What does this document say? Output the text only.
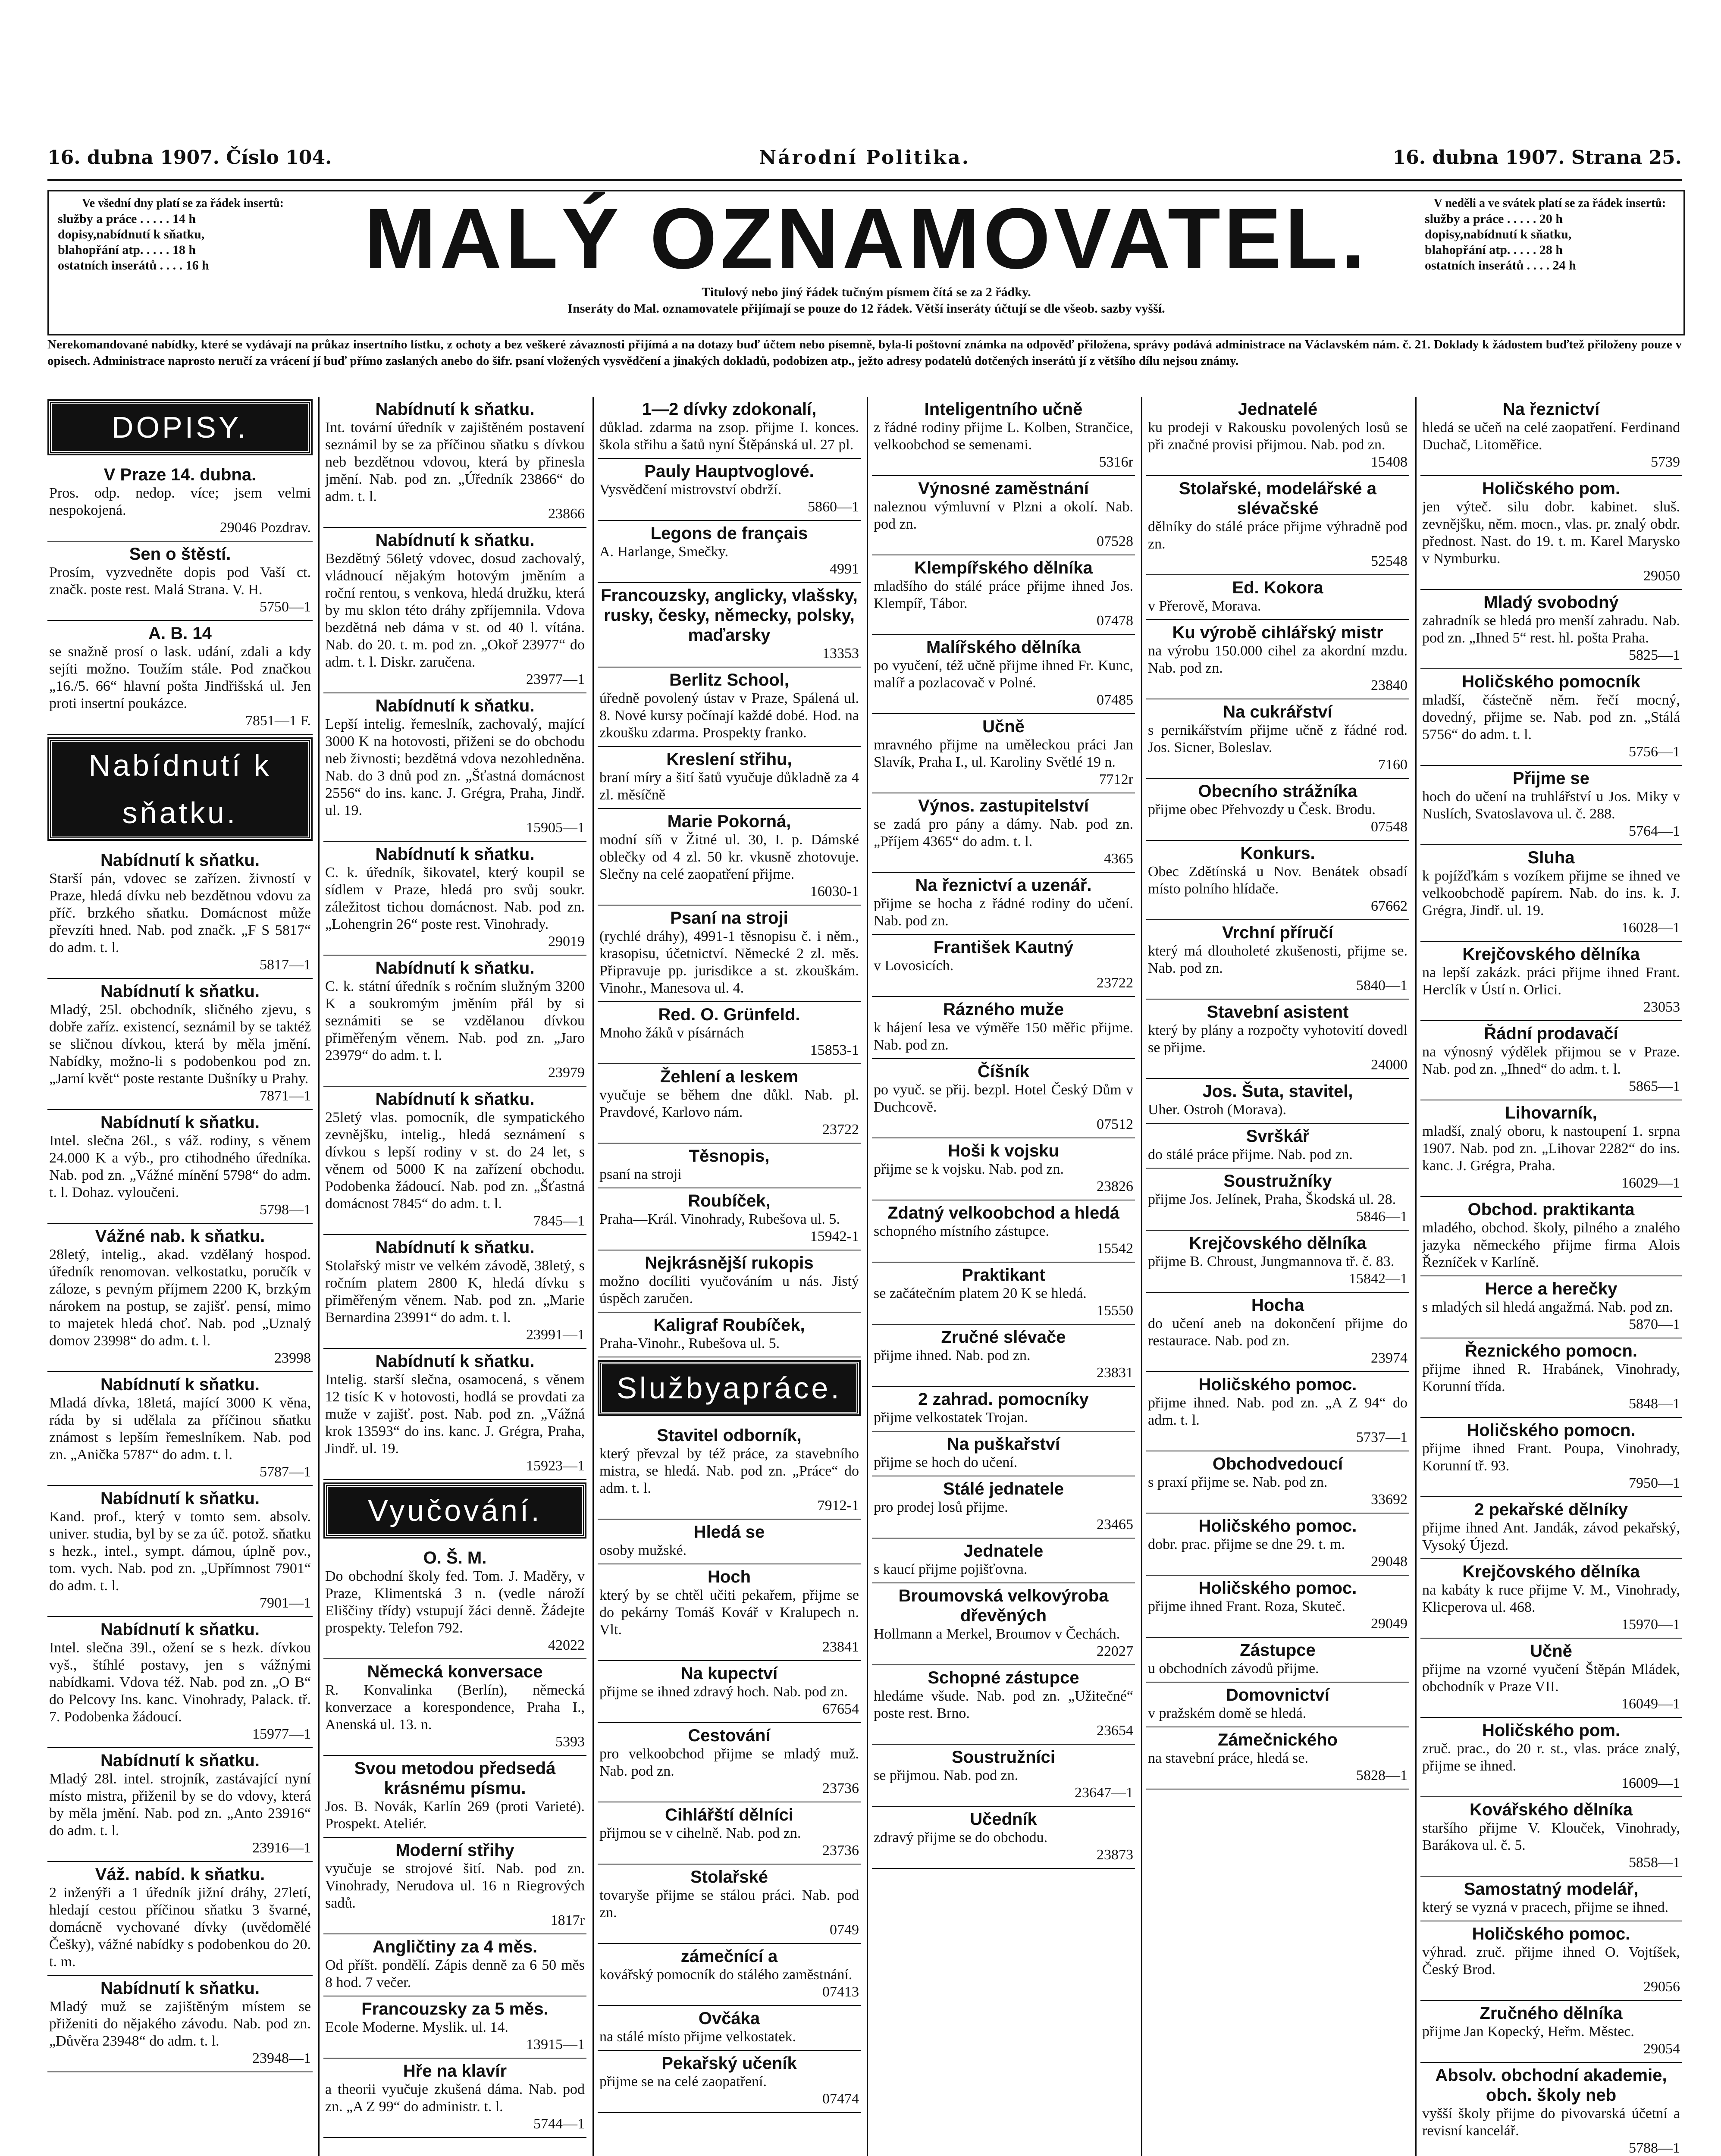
16. dubna 1907. Číslo 104.	Národní Politika.	16. dubna 1907. Strana 25.
Ve všední dny platí se za řádek insertů:
služby a práce . . . . . 14 h
dopisy,nabídnutí k sňatku,
blahopřání atp. . . . . 18 h
ostatních inserátů . . . . 16 h	MALÝ OZNAMOVATEL.
Titulový nebo jiný řádek tučným písmem čítá se za 2 řádky.
Inseráty do Mal. oznamovatele přijímají se pouze do 12 řádek. Větší inseráty účtují se dle všeob. sazby vyšší.
V neděli a ve svátek platí se za řádek insertů:
služby a práce . . . . . 20 h
dopisy,nabídnutí k sňatku,
blahopřání atp. . . . . 28 h
ostatních inserátů . . . . 24 h
Nerekomandované nabídky, které se vydávají na průkaz insertního lístku, z ochoty a bez veškeré závaznosti přijímá a na dotazy buď účtem nebo písemně, byla-li poštovní známka na odpověď přiložena, správy podává administrace na Václavském nám. č. 21. Doklady k žádostem buďtež přiloženy pouze v opisech. Administrace naprosto neručí za vrácení jí buď přímo zaslaných anebo do šifr. psaní vložených vysvědčení a jinakých dokladů, podobizen atp., ježto adresy podatelů dotčených inserátů jí z většího dílu nejsou známy.
DOPISY.
V Praze 14. dubna.
Pros. odp. nedop. více; jsem velmi nespokojená.
29046 Pozdrav.
Sen o štěstí.
Prosím, vyzvedněte dopis pod Vaší ct. značk. poste rest. Malá Strana. V. H.
5750—1
A. B. 14
se snažně prosí o lask. udání, zdali a kdy sejíti možno. Toužím stále. Pod značkou „16./5. 66“ hlavní pošta Jindřišská ul. Jen proti insertní poukázce.
7851—1 F.
Nabídnutí k sňatku.
Nabídnutí k sňatku.
Starší pán, vdovec se zařízen. živností v Praze, hledá dívku neb bezdětnou vdovu za příč. brzkého sňatku. Domácnost může převzíti hned. Nab. pod značk. „F S 5817“ do adm. t. l.
5817—1
Nabídnutí k sňatku.
Mladý, 25l. obchodník, sličného zjevu, s dobře zaříz. existencí, seznámil by se taktéž se sličnou dívkou, která by měla jmění. Nabídky, možno-li s podobenkou pod zn. „Jarní květ“ poste restante Dušníky u Prahy.
7871—1
Nabídnutí k sňatku.
Intel. slečna 26l., s váž. rodiny, s věnem 24.000 K a výb., pro ctihodného úředníka. Nab. pod zn. „Vážné mínění 5798“ do adm. t. l. Dohaz. vyloučeni.
5798—1
Vážné nab. k sňatku.
28letý, intelig., akad. vzdělaný hospod. úředník renomovan. velkostatku, poručík v záloze, s pevným příjmem 2200 K, brzkým nárokem na postup, se zajišť. pensí, mimo to majetek hledá choť. Nab. pod „Uznalý domov 23998“ do adm. t. l.
23998
Nabídnutí k sňatku.
Mladá dívka, 18letá, mající 3000 K věna, ráda by si udělala za příčinou sňatku známost s lepším řemeslníkem. Nab. pod zn. „Anička 5787“ do adm. t. l.
5787—1
Nabídnutí k sňatku.
Kand. prof., který v tomto sem. absolv. univer. studia, byl by se za úč. potož. sňatku s hezk., intel., sympt. dámou, úplně pov., tom. vych. Nab. pod zn. „Upřímnost 7901“ do adm. t. l.
7901—1
Nabídnutí k sňatku.
Intel. slečna 39l., ožení se s hezk. dívkou vyš., štíhlé postavy, jen s vážnými nabídkami. Vdova též. Nab. pod zn. „O B“ do Pelcovy Ins. kanc. Vinohrady, Palack. tř. 7. Podobenka žádoucí.
15977—1
Nabídnutí k sňatku.
Mladý 28l. intel. strojník, zastávající nyní místo mistra, přiženil by se do vdovy, která by měla jmění. Nab. pod zn. „Anto 23916“ do adm. t. l.
23916—1
Váž. nabíd. k sňatku.
2 inženýři a 1 úředník jižní dráhy, 27letí, hledají cestou příčinou sňatku 3 švarné, domácně vychované dívky (uvědomělé Češky), vážné nabídky s podobenkou do 20. t. m.
Nabídnutí k sňatku.
Mladý muž se zajištěným místem se přiženiti do nějakého závodu. Nab. pod zn. „Důvěra 23948“ do adm. t. l.
23948—1
Nabídnutí k sňatku.
Int. tovární úředník v zajištěném postavení seznámil by se za příčinou sňatku s dívkou neb bezdětnou vdovou, která by přinesla jmění. Nab. pod zn. „Úředník 23866“ do adm. t. l.
23866
Nabídnutí k sňatku.
Bezdětný 56letý vdovec, dosud zachovalý, vládnoucí nějakým hotovým jměním a roční rentou, s venkova, hledá družku, která by mu sklon této dráhy zpříjemnila. Vdova bezdětná neb dáma v st. od 40 l. vítána. Nab. do 20. t. m. pod zn. „Okoř 23977“ do adm. t. l. Diskr. zaručena.
23977—1
Nabídnutí k sňatku.
Lepší intelig. řemeslník, zachovalý, mající 3000 K na hotovosti, přiženi se do obchodu neb živnosti; bezdětná vdova nezohledněna. Nab. do 3 dnů pod zn. „Šťastná domácnost 2556“ do ins. kanc. J. Grégra, Praha, Jindř. ul. 19.
15905—1
Nabídnutí k sňatku.
C. k. úředník, šikovatel, který koupil se sídlem v Praze, hledá pro svůj soukr. záležitost tichou domácnost. Nab. pod zn. „Lohengrin 26“ poste rest. Vinohrady.
29019
Nabídnutí k sňatku.
C. k. státní úředník s ročním služným 3200 K a soukromým jměním přál by si seznámiti se se vzdělanou dívkou přiměřeným věnem. Nab. pod zn. „Jaro 23979“ do adm. t. l.
23979
Nabídnutí k sňatku.
25letý vlas. pomocník, dle sympatického zevnějšku, intelig., hledá seznámení s dívkou s lepší rodiny v st. do 24 let, s věnem od 5000 K na zařízení obchodu. Podobenka žádoucí. Nab. pod zn. „Šťastná domácnost 7845“ do adm. t. l.
7845—1
Nabídnutí k sňatku.
Stolařský mistr ve velkém závodě, 38letý, s ročním platem 2800 K, hledá dívku s přiměřeným věnem. Nab. pod zn. „Marie Bernardina 23991“ do adm. t. l.
23991—1
Nabídnutí k sňatku.
Intelig. starší slečna, osamocená, s věnem 12 tisíc K v hotovosti, hodlá se provdati za muže v zajišť. post. Nab. pod zn. „Vážná krok 13593“ do ins. kanc. J. Grégra, Praha, Jindř. ul. 19.
15923—1
Vyučování.
O. Š. M.
Do obchodní školy fed. Tom. J. Maděry, v Praze, Klimentská 3 n. (vedle nároží Eliščiny třídy) vstupují žáci denně. Žádejte prospekty. Telefon 792.
42022
Německá konversace
R. Konvalinka (Berlín), německá konverzace a korespondence, Praha I., Anenská ul. 13. n.
5393
Svou metodou předsedá krásnému písmu.
Jos. B. Novák, Karlín 269 (proti Varieté). Prospekt. Ateliér.
Moderní střihy
vyučuje se strojové šití. Nab. pod zn. Vinohrady, Nerudova ul. 16 n Riegrových sadů.
1817r
Angličtiny za 4 měs.
Od příšt. pondělí. Zápis denně za 6 50 měs 8 hod. 7 večer.
Francouzsky za 5 měs.
Ecole Moderne. Myslik. ul. 14.
13915—1
Hře na klavír
a theorii vyučuje zkušená dáma. Nab. pod zn. „A Z 99“ do administr. t. l.
5744—1
1—2 dívky zdokonalí,
důklad. zdarma na zsop. přijme I. konces. škola střihu a šatů nyní Štěpánská ul. 27 pl.
Pauly Hauptvoglové.
Vysvědčení mistrovství obdrží.
5860—1
Legons de français
A. Harlange, Smečky.
4991
Francouzsky, anglicky, vlašsky, rusky, česky, německy, polsky, maďarsky
13353
Berlitz School,
úředně povolený ústav v Praze, Spálená ul. 8. Nové kursy počínají každé dobé. Hod. na zkoušku zdarma. Prospekty franko.
Kreslení střihu,
braní míry a šití šatů vyučuje důkladně za 4 zl. měsíčně
Marie Pokorná,
modní síň v Žitné ul. 30, I. p. Dámské oblečky od 4 zl. 50 kr. vkusně zhotovuje. Slečny na celé zaopatření přijme.
16030-1
Psaní na stroji
(rychlé dráhy), 4991-1 těsnopisu č. i něm., krasopisu, účetnictví. Německé 2 zl. měs. Připravuje pp. jurisdikce a st. zkouškám. Vinohr., Manesova ul. 4.
Red. O. Grünfeld.
Mnoho žáků v písárnách
15853-1
Žehlení a leskem
vyučuje se během dne důkl. Nab. pl. Pravdové, Karlovo nám.
23722
Těsnopis,
psaní na stroji
Roubíček,
Praha—Král. Vinohrady, Rubešova ul. 5.
15942-1
Nejkrásnější rukopis
možno docíliti vyučováním u nás. Jistý úspěch zaručen.
Kaligraf Roubíček,
Praha-Vinohr., Rubešova ul. 5.
Službyapráce.
Stavitel odborník,
který převzal by též práce, za stavebního mistra, se hledá. Nab. pod zn. „Práce“ do adm. t. l.
7912-1
Hledá se
osoby mužské.
Hoch
který by se chtěl učiti pekařem, přijme se do pekárny Tomáš Kovář v Kralupech n. Vlt.
23841
Na kupectví
přijme se ihned zdravý hoch. Nab. pod zn.
67654
Cestování
pro velkoobchod přijme se mladý muž. Nab. pod zn.
23736
Cihlářští dělníci
přijmou se v cihelně. Nab. pod zn.
23736
Stolařské
tovaryše přijme se stálou práci. Nab. pod zn.
0749
zámečnící a
kovářský pomocník do stálého zaměstnání.
07413
Ovčáka
na stálé místo přijme velkostatek.
Pekařský učeník
přijme se na celé zaopatření.
07474
Inteligentního učně
z řádné rodiny přijme L. Kolben, Strančice, velkoobchod se semenami.
5316r
Výnosné zaměstnání
naleznou výmluvní v Plzni a okolí. Nab. pod zn.
07528
Klempířského dělníka
mladšího do stálé práce přijme ihned Jos. Klempíř, Tábor.
07478
Malířského dělníka
po vyučení, též učně přijme ihned Fr. Kunc, malíř a pozlacovač v Polné.
07485
Učně
mravného přijme na uměleckou práci Jan Slavík, Praha I., ul. Karoliny Světlé 19 n.
7712r
Výnos. zastupitelství
se zadá pro pány a dámy. Nab. pod zn. „Příjem 4365“ do adm. t. l.
4365
Na řeznictví a uzenář.
přijme se hocha z řádné rodiny do učení. Nab. pod zn.
František Kautný
v Lovosicích.
23722
Rázného muže
k hájení lesa ve výměře 150 měřic přijme. Nab. pod zn.
Číšník
po vyuč. se přij. bezpl. Hotel Český Dům v Duchcově.
07512
Hoši k vojsku
přijme se k vojsku. Nab. pod zn.
23826
Zdatný velkoobchod a hledá
schopného místního zástupce.
15542
Praktikant
se začátečním platem 20 K se hledá.
15550
Zručné slévače
přijme ihned. Nab. pod zn.
23831
2 zahrad. pomocníky
přijme velkostatek Trojan.
Na puškařství
přijme se hoch do učení.
Stálé jednatele
pro prodej losů přijme.
23465
Jednatele
s kaucí přijme pojišťovna.
Broumovská velkovýroba dřevěných
Hollmann a Merkel, Broumov v Čechách.
22027
Schopné zástupce
hledáme všude. Nab. pod zn. „Užitečné“ poste rest. Brno.
23654
Soustružníci
se přijmou. Nab. pod zn.
23647—1
Učedník
zdravý přijme se do obchodu.
23873
Jednatelé
ku prodeji v Rakousku povolených losů se při značné provisi přijmou. Nab. pod zn.
15408
Stolařské, modelářské a slévačské
dělníky do stálé práce přijme výhradně pod zn.
52548
Ed. Kokora
v Přerově, Morava.
Ku výrobě cihlářský mistr
na výrobu 150.000 cihel za akordní mzdu. Nab. pod zn.
23840
Na cukrářství
s pernikářstvím přijme učně z řádné rod. Jos. Sicner, Boleslav.
7160
Obecního strážníka
přijme obec Přehvozdy u Česk. Brodu.
07548
Konkurs.
Obec Zdětínská u Nov. Benátek obsadí místo polního hlídače.
67662
Vrchní příručí
který má dlouholeté zkušenosti, přijme se. Nab. pod zn.
5840—1
Stavební asistent
který by plány a rozpočty vyhotovití dovedl se přijme.
24000
Jos. Šuta, stavitel,
Uher. Ostroh (Morava).
Svrškář
do stálé práce přijme. Nab. pod zn.
Soustružníky
přijme Jos. Jelínek, Praha, Škodská ul. 28.
5846—1
Krejčovského dělníka
přijme B. Chroust, Jungmannova tř. č. 83.
15842—1
Hocha
do učení aneb na dokončení přijme do restaurace. Nab. pod zn.
23974
Holičského pomoc.
přijme ihned. Nab. pod zn. „A Z 94“ do adm. t. l.
5737—1
Obchodvedoucí
s praxí přijme se. Nab. pod zn.
33692
Holičského pomoc.
dobr. prac. přijme se dne 29. t. m.
29048
Holičského pomoc.
přijme ihned Frant. Roza, Skuteč.
29049
Zástupce
u obchodních závodů přijme.
Domovnictví
v pražském domě se hledá.
Zámečnického
na stavební práce, hledá se.
5828—1
Na řeznictví
hledá se učeň na celé zaopatření. Ferdinand Duchač, Litoměřice.
5739
Holičského pom.
jen výteč. silu dobr. kabinet. sluš. zevnějšku, něm. mocn., vlas. pr. znalý obdr. přednost. Nast. do 19. t. m. Karel Marysko v Nymburku.
29050
Mladý svobodný
zahradník se hledá pro menší zahradu. Nab. pod zn. „Ihned 5“ rest. hl. pošta Praha.
5825—1
Holičského pomocník
mladší, částečně něm. řečí mocný, dovedný, přijme se. Nab. pod zn. „Stálá 5756“ do adm. t. l.
5756—1
Přijme se
hoch do učení na truhlářství u Jos. Miky v Nuslích, Svatoslavova ul. č. 288.
5764—1
Sluha
k pojížďkám s vozíkem přijme se ihned ve velkoobchodě papírem. Nab. do ins. k. J. Grégra, Jindř. ul. 19.
16028—1
Krejčovského dělníka
na lepší zakázk. práci přijme ihned Frant. Herclík v Ústí n. Orlici.
23053
Řádní prodavačí
na výnosný výdělek přijmou se v Praze. Nab. pod zn. „Ihned“ do adm. t. l.
5865—1
Lihovarník,
mladší, znalý oboru, k nastoupení 1. srpna 1907. Nab. pod zn. „Lihovar 2282“ do ins. kanc. J. Grégra, Praha.
16029—1
Obchod. praktikanta
mladého, obchod. školy, pilného a znalého jazyka německého přijme firma Alois Řezníček v Karlíně.
Herce a herečky
s mladých sil hledá angažmá. Nab. pod zn.
5870—1
Řeznického pomocn.
přijme ihned R. Hrabánek, Vinohrady, Korunní třída.
5848—1
Holičského pomocn.
přijme ihned Frant. Poupa, Vinohrady, Korunní tř. 93.
7950—1
2 pekařské dělníky
přijme ihned Ant. Jandák, závod pekařský, Vysoký Újezd.
Krejčovského dělníka
na kabáty k ruce přijme V. M., Vinohrady, Klicperova ul. 468.
15970—1
Učně
přijme na vzorné vyučení Štěpán Mládek, obchodník v Praze VII.
16049—1
Holičského pom.
zruč. prac., do 20 r. st., vlas. práce znalý, přijme se ihned.
16009—1
Kovářského dělníka
staršího přijme V. Klouček, Vinohrady, Barákova ul. č. 5.
5858—1
Samostatný modelář,
který se vyzná v pracech, přijme se ihned.
Holičského pomoc.
výhrad. zruč. přijme ihned O. Vojtíšek, Český Brod.
29056
Zručného dělníka
přijme Jan Kopecký, Heřm. Městec.
29054
Absolv. obchodní akademie, obch. školy neb
vyšší školy přijme do pivovarská účetní a revisní kancelář.
5788—1
